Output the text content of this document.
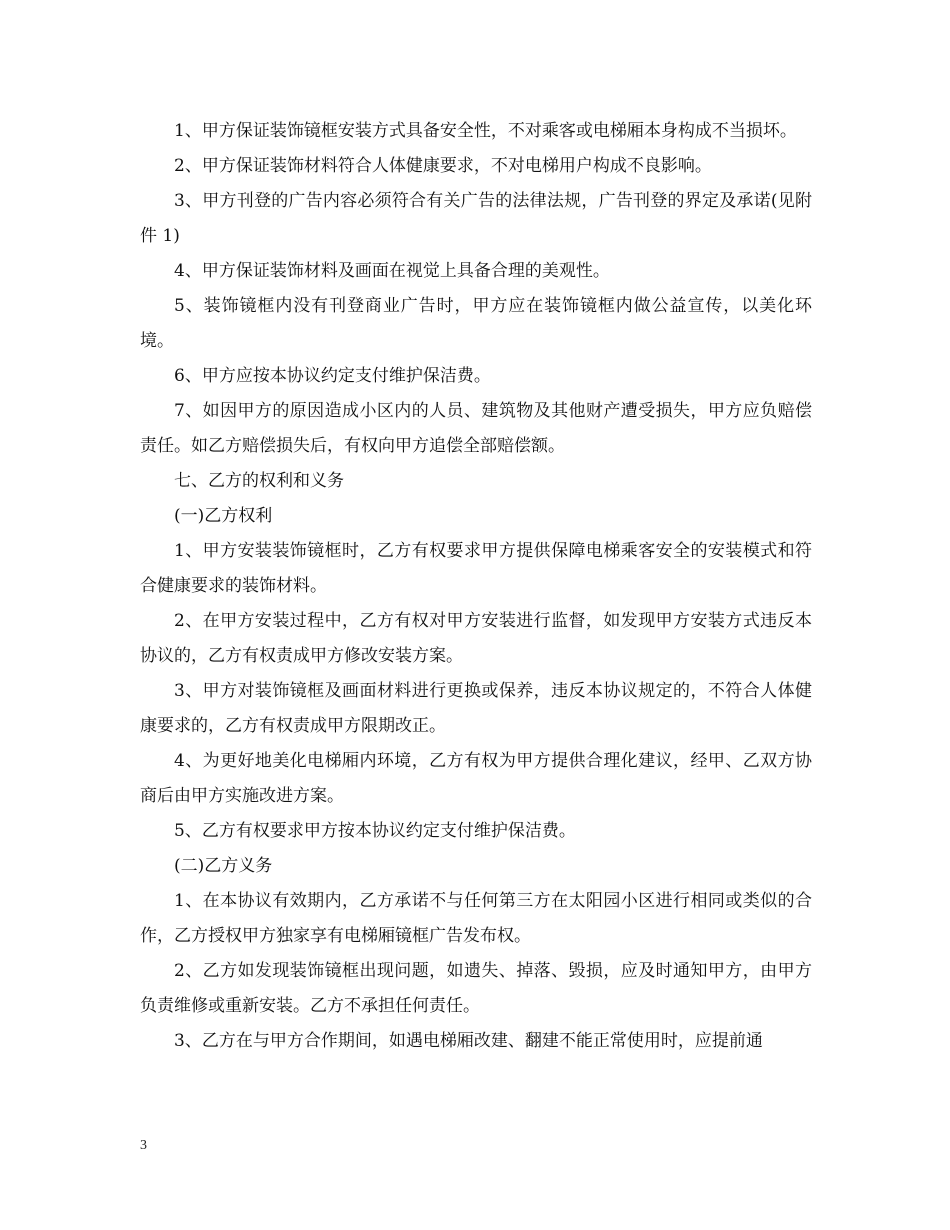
1、甲方保证装饰镜框安装方式具备安全性，不对乘客或电梯厢本身构成不当损坏。

2、甲方保证装饰材料符合人体健康要求，不对电梯用户构成不良影响。

3、甲方刊登的广告内容必须符合有关广告的法律法规，广告刊登的界定及承诺(见附件 1)

4、甲方保证装饰材料及画面在视觉上具备合理的美观性。

5、装饰镜框内没有刊登商业广告时，甲方应在装饰镜框内做公益宣传，以美化环境。

6、甲方应按本协议约定支付维护保洁费。

7、如因甲方的原因造成小区内的人员、建筑物及其他财产遭受损失，甲方应负赔偿责任。如乙方赔偿损失后，有权向甲方追偿全部赔偿额。

七、乙方的权利和义务

(一)乙方权利

1、甲方安装装饰镜框时，乙方有权要求甲方提供保障电梯乘客安全的安装模式和符合健康要求的装饰材料。

2、在甲方安装过程中，乙方有权对甲方安装进行监督，如发现甲方安装方式违反本协议的，乙方有权责成甲方修改安装方案。

3、甲方对装饰镜框及画面材料进行更换或保养，违反本协议规定的，不符合人体健康要求的，乙方有权责成甲方限期改正。

4、为更好地美化电梯厢内环境，乙方有权为甲方提供合理化建议，经甲、乙双方协商后由甲方实施改进方案。

5、乙方有权要求甲方按本协议约定支付维护保洁费。

(二)乙方义务

1、在本协议有效期内，乙方承诺不与任何第三方在太阳园小区进行相同或类似的合作，乙方授权甲方独家享有电梯厢镜框广告发布权。

2、乙方如发现装饰镜框出现问题，如遗失、掉落、毁损，应及时通知甲方，由甲方负责维修或重新安装。乙方不承担任何责任。

3、乙方在与甲方合作期间，如遇电梯厢改建、翻建不能正常使用时，应提前通

3
